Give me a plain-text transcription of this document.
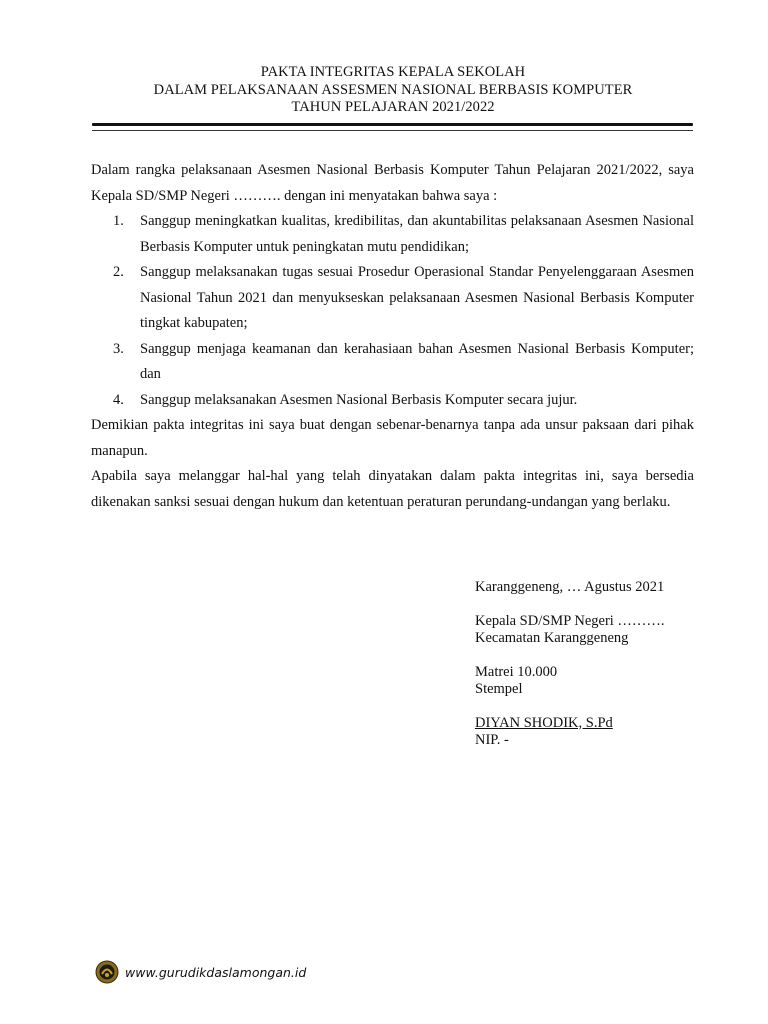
PAKTA INTEGRITAS KEPALA SEKOLAH
DALAM PELAKSANAAN ASSESMEN NASIONAL BERBASIS KOMPUTER
TAHUN PELAJARAN 2021/2022

Dalam rangka pelaksanaan Asesmen Nasional Berbasis Komputer Tahun Pelajaran 2021/2022, saya Kepala SD/SMP Negeri ………. dengan ini menyatakan bahwa saya :

1. Sanggup meningkatkan kualitas, kredibilitas, dan akuntabilitas pelaksanaan Asesmen Nasional Berbasis Komputer untuk peningkatan mutu pendidikan;
2. Sanggup melaksanakan tugas sesuai Prosedur Operasional Standar Penyelenggaraan Asesmen Nasional Tahun 2021 dan menyukseskan pelaksanaan Asesmen Nasional Berbasis Komputer tingkat kabupaten;
3. Sanggup menjaga keamanan dan kerahasiaan bahan Asesmen Nasional Berbasis Komputer; dan
4. Sanggup melaksanakan Asesmen Nasional Berbasis Komputer secara jujur.

Demikian pakta integritas ini saya buat dengan sebenar-benarnya tanpa ada unsur paksaan dari pihak manapun.

Apabila saya melanggar hal-hal yang telah dinyatakan dalam pakta integritas ini, saya bersedia dikenakan sanksi sesuai dengan hukum dan ketentuan peraturan perundang-undangan yang berlaku.

Karanggeneng, … Agustus 2021
Kepala SD/SMP Negeri ……….
Kecamatan Karanggeneng
Matrei 10.000
Stempel
DIYAN SHODIK, S.Pd
NIP. -
www.gurudikdaslamongan.id
